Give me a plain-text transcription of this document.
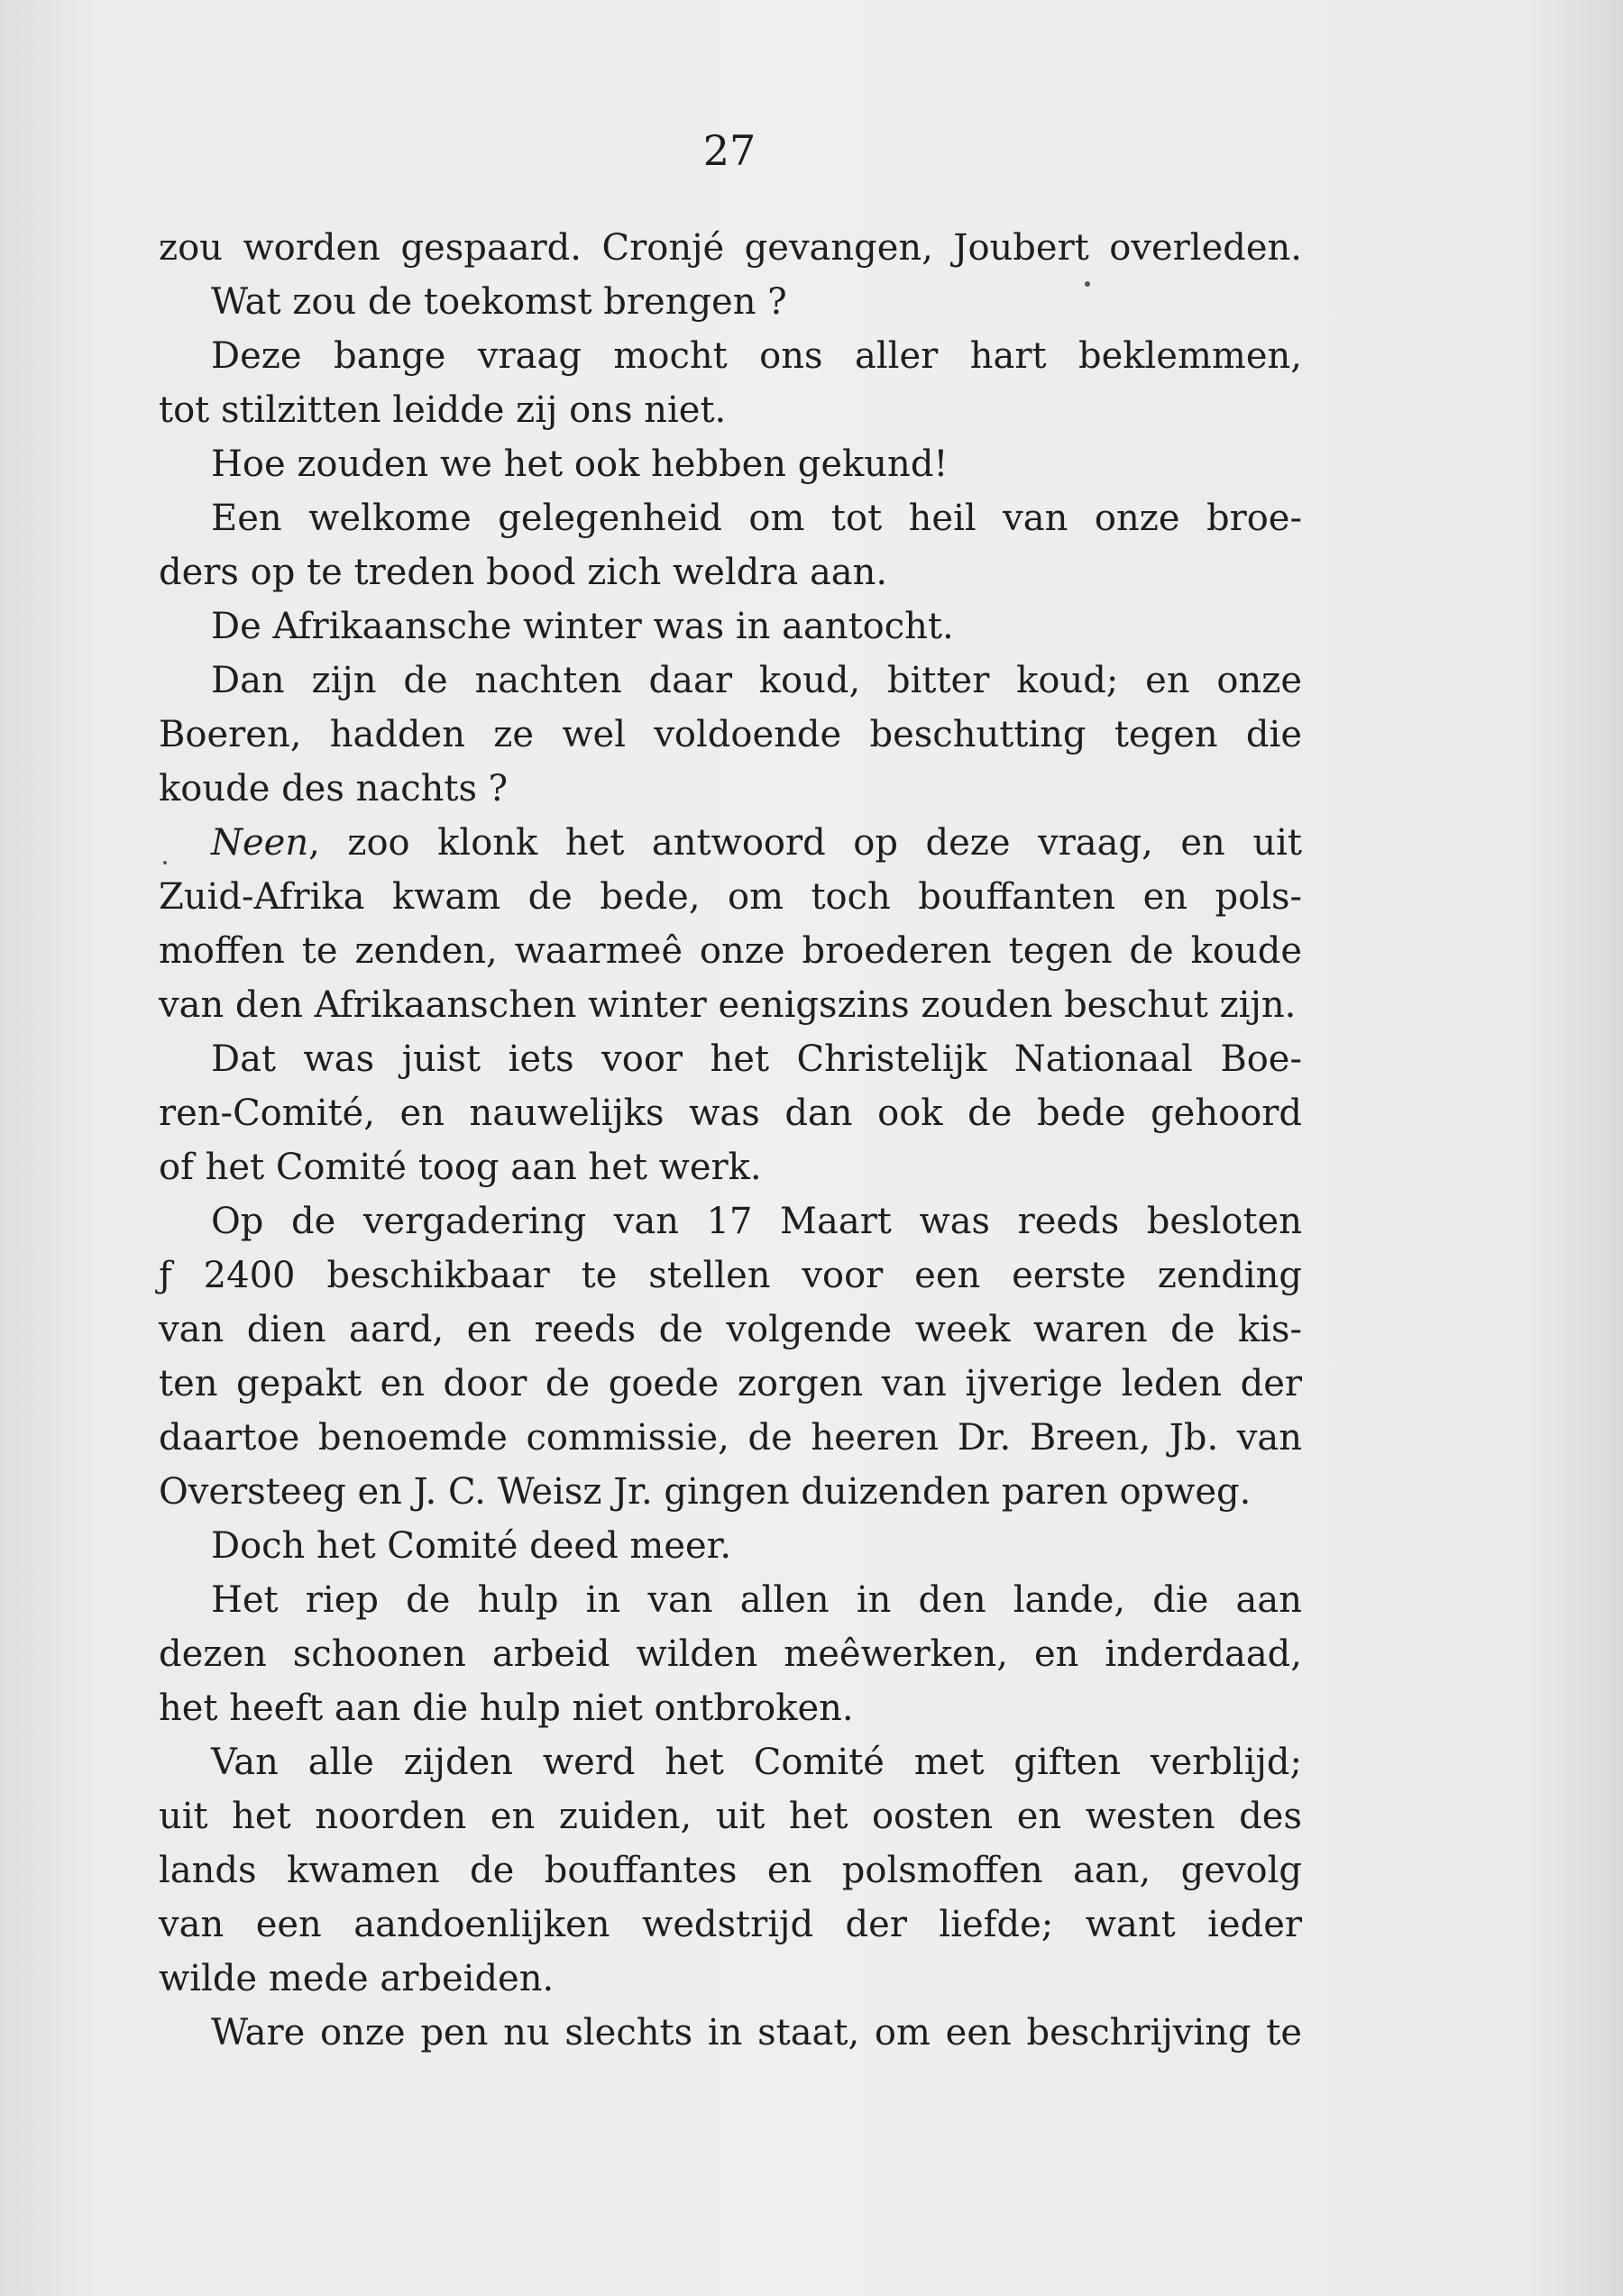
27
zou worden gespaard. Cronjé gevangen, Joubert overleden.
Wat zou de toekomst brengen ?
Deze bange vraag mocht ons aller hart beklemmen,
tot stilzitten leidde zij ons niet.
Hoe zouden we het ook hebben gekund!
Een welkome gelegenheid om tot heil van onze broe-
ders op te treden bood zich weldra aan.
De Afrikaansche winter was in aantocht.
Dan zijn de nachten daar koud, bitter koud; en onze
Boeren, hadden ze wel voldoende beschutting tegen die
koude des nachts ?
Neen, zoo klonk het antwoord op deze vraag, en uit
Zuid-Afrika kwam de bede, om toch bouffanten en pols-
moffen te zenden, waarmeê onze broederen tegen de koude
van den Afrikaanschen winter eenigszins zouden beschut zijn.
Dat was juist iets voor het Christelijk Nationaal Boe-
ren-Comité, en nauwelijks was dan ook de bede gehoord
of het Comité toog aan het werk.
Op de vergadering van 17 Maart was reeds besloten
ƒ 2400 beschikbaar te stellen voor een eerste zending
van dien aard, en reeds de volgende week waren de kis-
ten gepakt en door de goede zorgen van ijverige leden der
daartoe benoemde commissie, de heeren Dr. Breen, Jb. van
Oversteeg en J. C. Weisz Jr. gingen duizenden paren opweg.
Doch het Comité deed meer.
Het riep de hulp in van allen in den lande, die aan
dezen schoonen arbeid wilden meêwerken, en inderdaad,
het heeft aan die hulp niet ontbroken.
Van alle zijden werd het Comité met giften verblijd;
uit het noorden en zuiden, uit het oosten en westen des
lands kwamen de bouffantes en polsmoffen aan, gevolg
van een aandoenlijken wedstrijd der liefde; want ieder
wilde mede arbeiden.
Ware onze pen nu slechts in staat, om een beschrijving te
